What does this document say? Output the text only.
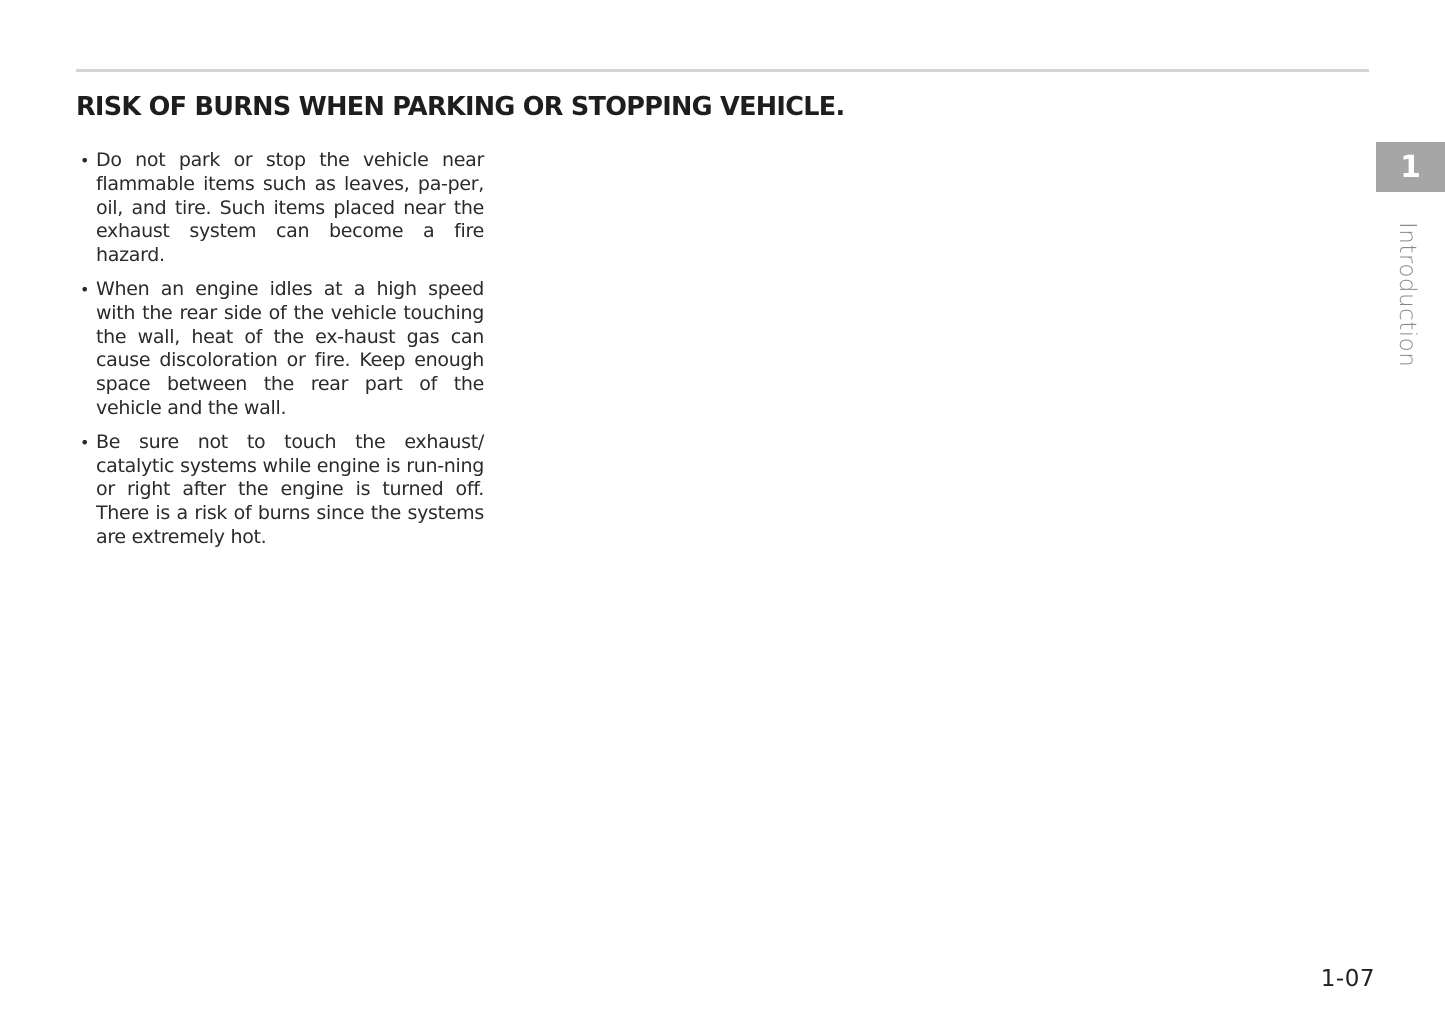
RISK OF BURNS WHEN PARKING OR STOPPING VEHICLE.
• Do not park or stop the vehicle near flammable items such as leaves, pa-per, oil, and tire. Such items placed near the exhaust system can become a fire hazard.
• When an engine idles at a high speed with the rear side of the vehicle touching the wall, heat of the ex-haust gas can cause discoloration or fire. Keep enough space between the rear part of the vehicle and the wall.
• Be sure not to touch the exhaust/ catalytic systems while engine is run-ning or right after the engine is turned off. There is a risk of burns since the systems are extremely hot.
1
Introduction
1-07
